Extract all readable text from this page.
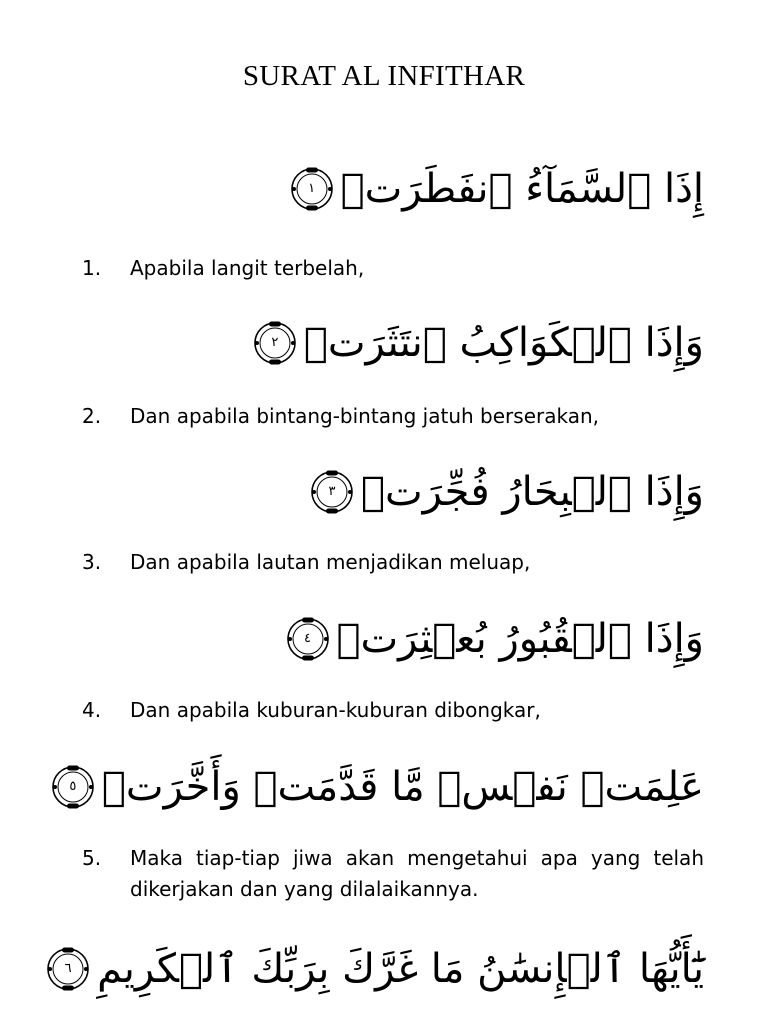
SURAT AL INFITHAR
إِذَا ٱلسَّمَآءُ ٱنفَطَرَتۡ
١
1.	Apabila langit terbelah,
وَإِذَا ٱلۡكَوَاكِبُ ٱنتَثَرَتۡ
٢
2.	Dan apabila bintang-bintang jatuh berserakan,
وَإِذَا ٱلۡبِحَارُ فُجِّرَتۡ
٣
3.	Dan apabila lautan menjadikan meluap,
وَإِذَا ٱلۡقُبُورُ بُعۡثِرَتۡ
٤
4.	Dan apabila kuburan-kuburan dibongkar,
عَلِمَتۡ نَفۡسٞ مَّا قَدَّمَتۡ وَأَخَّرَتۡ
٥
5.	Maka tiap-tiap jiwa akan mengetahui apa yang telah dikerjakan dan yang dilalaikannya.
يَٰٓأَيُّهَا ٱلۡإِنسَٰنُ مَا غَرَّكَ بِرَبِّكَ ٱلۡكَرِيمِ
٦
